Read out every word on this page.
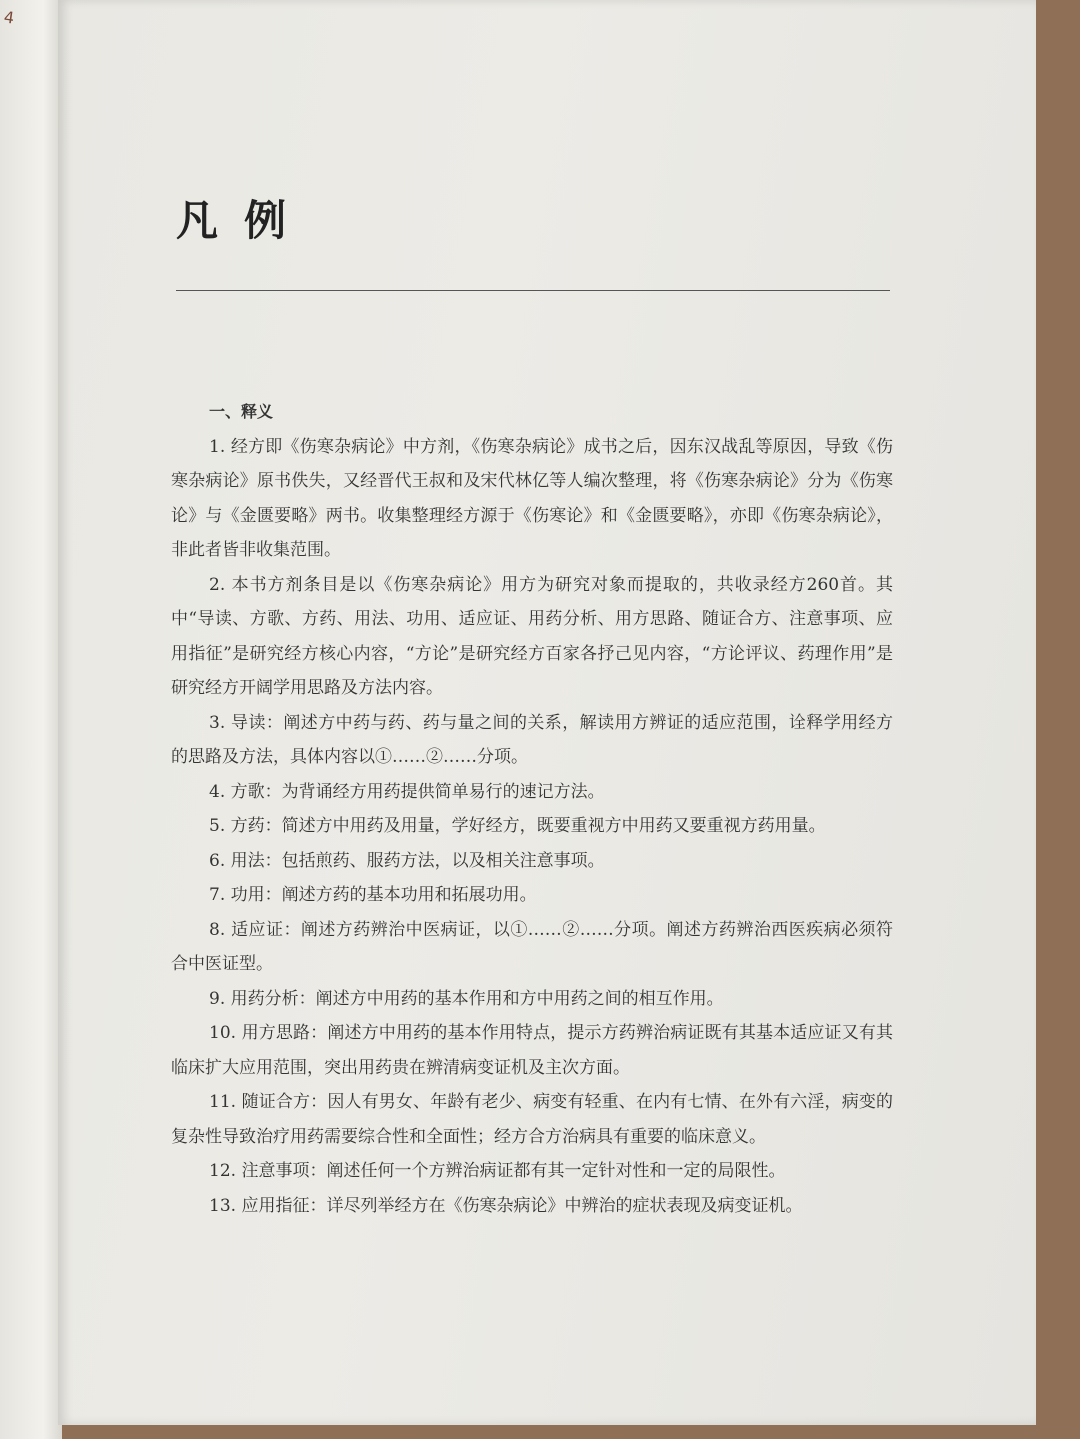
4
凡例

一、释义

1. 经方即《伤寒杂病论》中方剂，《伤寒杂病论》成书之后，因东汉战乱等原因，导致《伤寒杂病论》原书佚失，又经晋代王叔和及宋代林亿等人编次整理，将《伤寒杂病论》分为《伤寒论》与《金匮要略》两书。收集整理经方源于《伤寒论》和《金匮要略》，亦即《伤寒杂病论》，非此者皆非收集范围。

2. 本书方剂条目是以《伤寒杂病论》用方为研究对象而提取的，共收录经方260首。其中“导读、方歌、方药、用法、功用、适应证、用药分析、用方思路、随证合方、注意事项、应用指征”是研究经方核心内容，“方论”是研究经方百家各抒己见内容，“方论评议、药理作用”是研究经方开阔学用思路及方法内容。

3. 导读：阐述方中药与药、药与量之间的关系，解读用方辨证的适应范围，诠释学用经方的思路及方法，具体内容以①……②……分项。

4. 方歌：为背诵经方用药提供简单易行的速记方法。

5. 方药：简述方中用药及用量，学好经方，既要重视方中用药又要重视方药用量。

6. 用法：包括煎药、服药方法，以及相关注意事项。

7. 功用：阐述方药的基本功用和拓展功用。

8. 适应证：阐述方药辨治中医病证，以①……②……分项。阐述方药辨治西医疾病必须符合中医证型。

9. 用药分析：阐述方中用药的基本作用和方中用药之间的相互作用。

10. 用方思路：阐述方中用药的基本作用特点，提示方药辨治病证既有其基本适应证又有其临床扩大应用范围，突出用药贵在辨清病变证机及主次方面。

11. 随证合方：因人有男女、年龄有老少、病变有轻重、在内有七情、在外有六淫，病变的复杂性导致治疗用药需要综合性和全面性；经方合方治病具有重要的临床意义。

12. 注意事项：阐述任何一个方辨治病证都有其一定针对性和一定的局限性。

13. 应用指征：详尽列举经方在《伤寒杂病论》中辨治的症状表现及病变证机。
